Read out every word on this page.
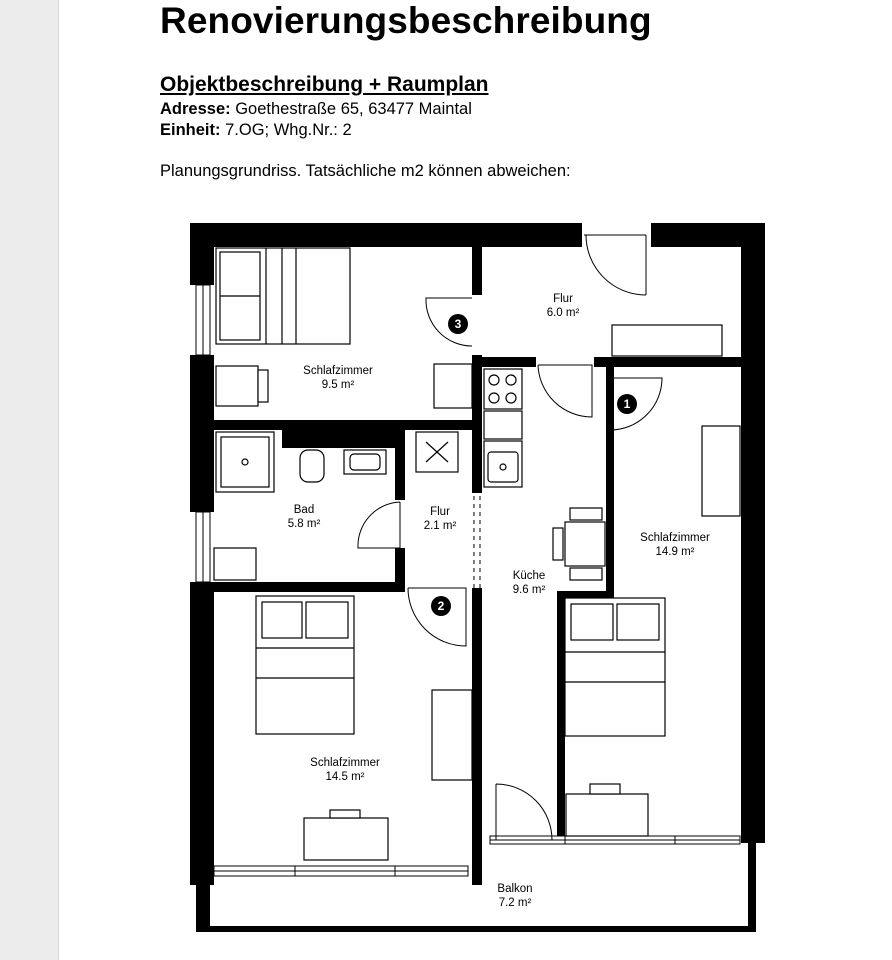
Renovierungsbeschreibung
Objektbeschreibung + Raumplan
Adresse: Goethestraße 65, 63477 Maintal
Einheit: 7.OG; Whg.Nr.: 2
Planungsgrundriss. Tatsächliche m2 können abweichen:
3
1
2
Schlafzimmer
9.5 m²
Flur
6.0 m²
Bad
5.8 m²
Flur
2.1 m²
Schlafzimmer
14.9 m²
Küche
9.6 m²
Schlafzimmer
14.5 m²
Balkon
7.2 m²
